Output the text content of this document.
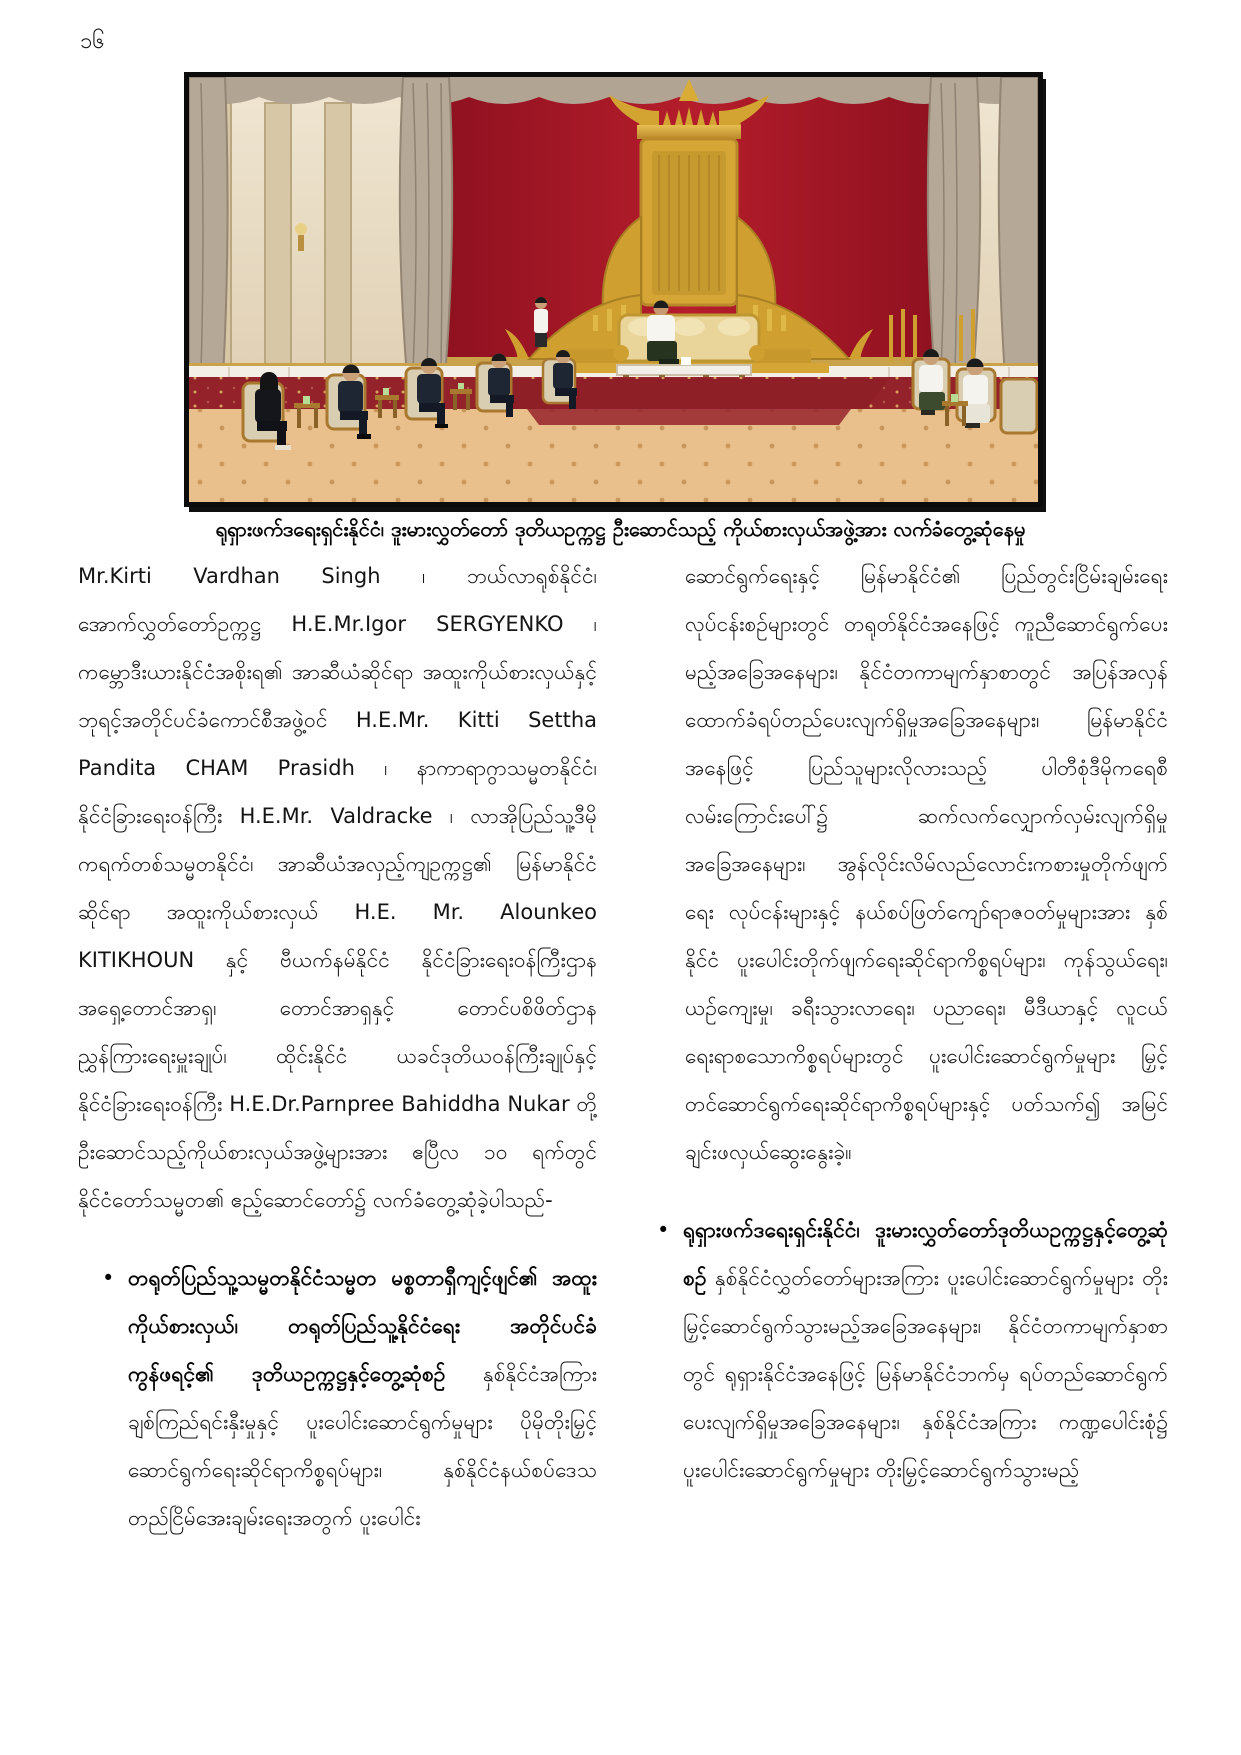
၁၆
ရုရှားဖက်ဒရေးရှင်းနိုင်ငံ၊ ဒူးမားလွှတ်တော် ဒုတိယဥက္ကဋ္ဌ ဦးဆောင်သည့် ကိုယ်စားလှယ်အဖွဲ့အား လက်ခံတွေ့ဆုံနေမှု

Mr.Kirti Vardhan Singh ၊ ဘယ်လာရုစ်နိုင်ငံ၊ အောက်လွှတ်တော်ဥက္ကဋ္ဌ H.E.Mr.Igor SERGYENKO ၊ ကမ္ဘောဒီးယားနိုင်ငံအစိုးရ၏ အာဆီယံဆိုင်ရာ အထူးကိုယ်စားလှယ်နှင့် ဘုရင့်အတိုင်ပင်ခံကောင်စီအဖွဲ့ဝင် H.E.Mr. Kitti Settha Pandita CHAM Prasidh ၊ နာကာရာဂွာသမ္မတနိုင်ငံ၊ နိုင်ငံခြားရေးဝန်ကြီး H.E.Mr. Valdracke ၊ လာအိုပြည်သူ့ဒီမိုကရက်တစ်သမ္မတနိုင်ငံ၊ အာဆီယံအလှည့်ကျဥက္ကဋ္ဌ၏ မြန်မာနိုင်ငံဆိုင်ရာ အထူးကိုယ်စားလှယ် H.E. Mr. Alounkeo KITIKHOUN နှင့် ဗီယက်နမ်နိုင်ငံ နိုင်ငံခြားရေးဝန်ကြီးဌာန အရှေ့တောင်အာရှ၊ တောင်အာရှနှင့် တောင်ပစိဖိတ်ဌာန ညွှန်ကြားရေးမှူးချုပ်၊ ထိုင်းနိုင်ငံ ယခင်ဒုတိယဝန်ကြီးချုပ်နှင့် နိုင်ငံခြားရေးဝန်ကြီး H.E.Dr.Parnpree Bahiddha Nukar တို့ ဦးဆောင်သည့်ကိုယ်စားလှယ်အဖွဲ့များအား ဧပြီလ ၁၀ ရက်တွင် နိုင်ငံတော်သမ္မတ၏ ဧည့်ဆောင်တော်၌ လက်ခံတွေ့ဆုံခဲ့ပါသည်-

• တရုတ်ပြည်သူ့သမ္မတနိုင်ငံသမ္မတ မစ္စတာရှီကျင့်ဖျင်၏ အထူးကိုယ်စားလှယ်၊ တရုတ်ပြည်သူ့နိုင်ငံရေး အတိုင်ပင်ခံကွန်ဖရင့်၏ ဒုတိယဥက္ကဋ္ဌနှင့်တွေ့ဆုံစဉ် နှစ်နိုင်ငံအကြား ချစ်ကြည်ရင်းနှီးမှုနှင့် ပူးပေါင်းဆောင်ရွက်မှုများ ပိုမိုတိုးမြှင့်ဆောင်ရွက်ရေးဆိုင်ရာကိစ္စရပ်များ၊ နှစ်နိုင်ငံနယ်စပ်ဒေသတည်ငြိမ်အေးချမ်းရေးအတွက် ပူးပေါင်း

ဆောင်ရွက်ရေးနှင့် မြန်မာနိုင်ငံ၏ ပြည်တွင်းငြိမ်းချမ်းရေးလုပ်ငန်းစဉ်များတွင် တရုတ်နိုင်ငံအနေဖြင့် ကူညီဆောင်ရွက်ပေးမည့်အခြေအနေများ၊ နိုင်ငံတကာမျက်နှာစာတွင် အပြန်အလှန်ထောက်ခံရပ်တည်ပေးလျက်ရှိမှုအခြေအနေများ၊ မြန်မာနိုင်ငံအနေဖြင့် ပြည်သူများလိုလားသည့် ပါတီစုံဒီမိုကရေစီလမ်းကြောင်းပေါ်၌ ဆက်လက်လျှောက်လှမ်းလျက်ရှိမှုအခြေအနေများ၊ အွန်လိုင်းလိမ်လည်လောင်းကစားမှုတိုက်ဖျက်ရေး လုပ်ငန်းများနှင့် နယ်စပ်ဖြတ်ကျော်ရာဇဝတ်မှုများအား နှစ်နိုင်ငံ ပူးပေါင်းတိုက်ဖျက်ရေးဆိုင်ရာကိစ္စရပ်များ၊ ကုန်သွယ်ရေး၊ ယဉ်ကျေးမှု၊ ခရီးသွားလာရေး၊ ပညာရေး၊ မီဒီယာနှင့် လူငယ်ရေးရာစသောကိစ္စရပ်များတွင် ပူးပေါင်းဆောင်ရွက်မှုများ မြှင့်တင်ဆောင်ရွက်ရေးဆိုင်ရာကိစ္စရပ်များနှင့် ပတ်သက်၍ အမြင်ချင်းဖလှယ်ဆွေးနွေးခဲ့။

• ရုရှားဖက်ဒရေးရှင်းနိုင်ငံ၊ ဒူးမားလွှတ်တော်ဒုတိယဥက္ကဋ္ဌနှင့်တွေ့ဆုံစဉ် နှစ်နိုင်ငံလွှတ်တော်များအကြား ပူးပေါင်းဆောင်ရွက်မှုများ တိုးမြှင့်ဆောင်ရွက်သွားမည့်အခြေအနေများ၊ နိုင်ငံတကာမျက်နှာစာတွင် ရုရှားနိုင်ငံအနေဖြင့် မြန်မာနိုင်ငံဘက်မှ ရပ်တည်ဆောင်ရွက်ပေးလျက်ရှိမှုအခြေအနေများ၊ နှစ်နိုင်ငံအကြား ကဏ္ဍပေါင်းစုံ၌ ပူးပေါင်းဆောင်ရွက်မှုများ တိုးမြှင့်ဆောင်ရွက်သွားမည့်
